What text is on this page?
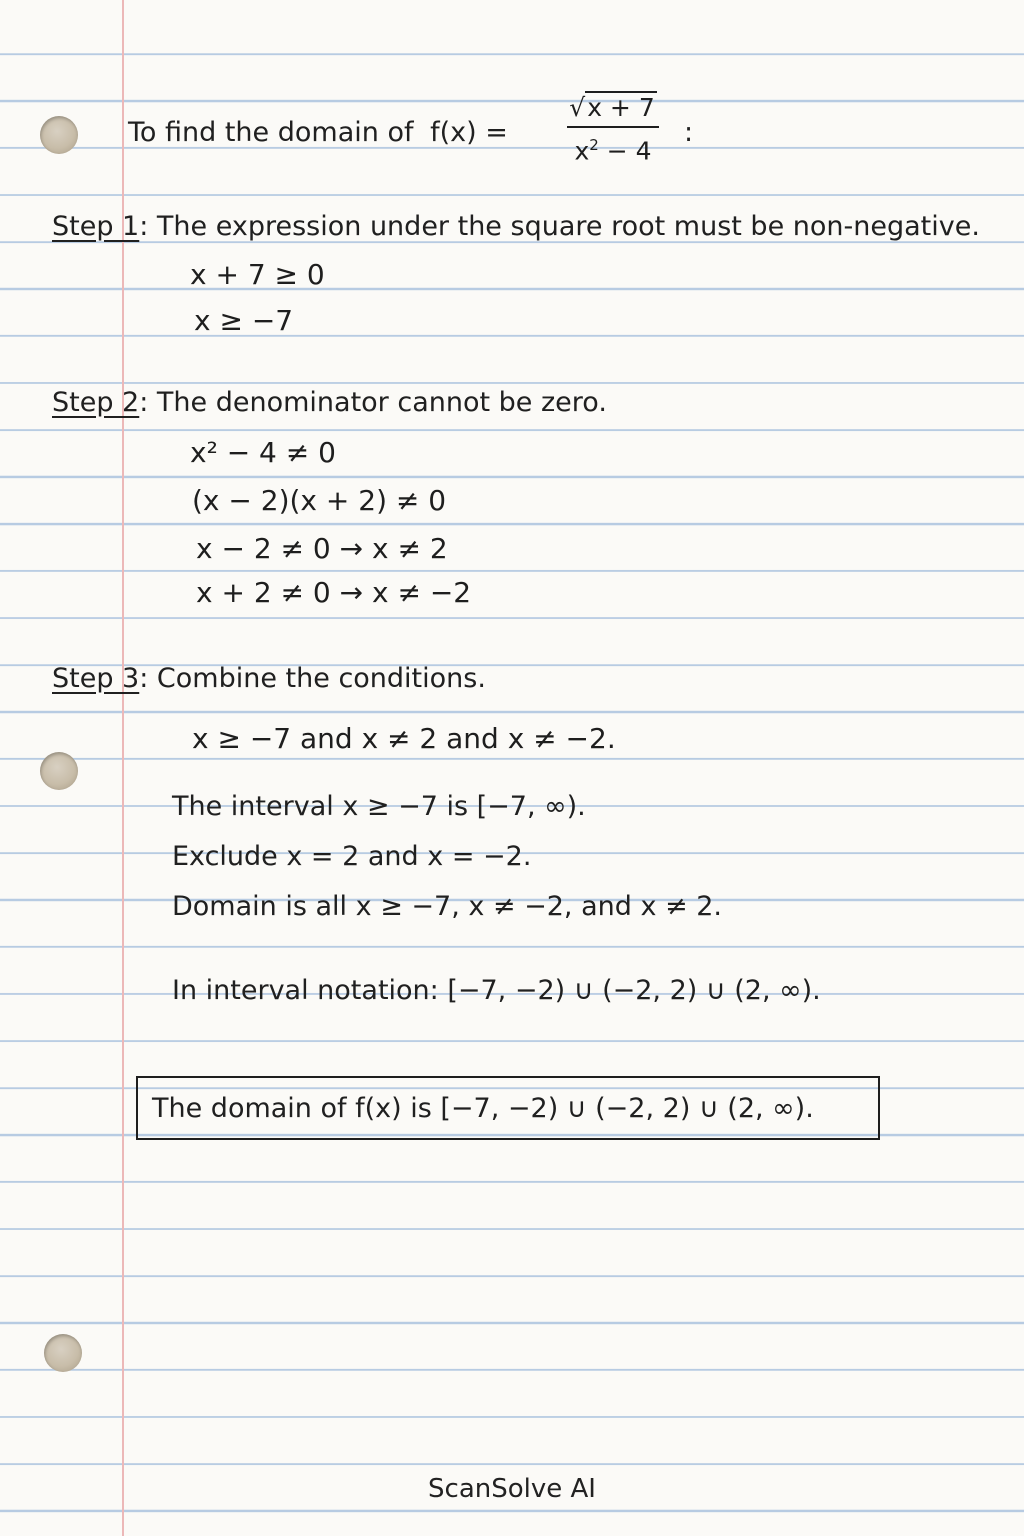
To find the domain of f(x) =
√x + 7
$x^2 - 4$
:
Step 1: The expression under the square root must be non-negative.
x + 7 ≥ 0
x ≥ −7
Step 2: The denominator cannot be zero.
x² − 4 ≠ 0
(x − 2)(x + 2) ≠ 0
x − 2 ≠ 0 → x ≠ 2
x + 2 ≠ 0 → x ≠ −2
Step 3: Combine the conditions.
x ≥ −7 and x ≠ 2 and x ≠ −2.
The interval x ≥ −7 is [−7, ∞).
Exclude x = 2 and x = −2.
Domain is all x ≥ −7, x ≠ −2, and x ≠ 2.
In interval notation: [−7, −2) ∪ (−2, 2) ∪ (2, ∞).
The domain of f(x) is [−7, −2) ∪ (−2, 2) ∪ (2, ∞).
ScanSolve AI
